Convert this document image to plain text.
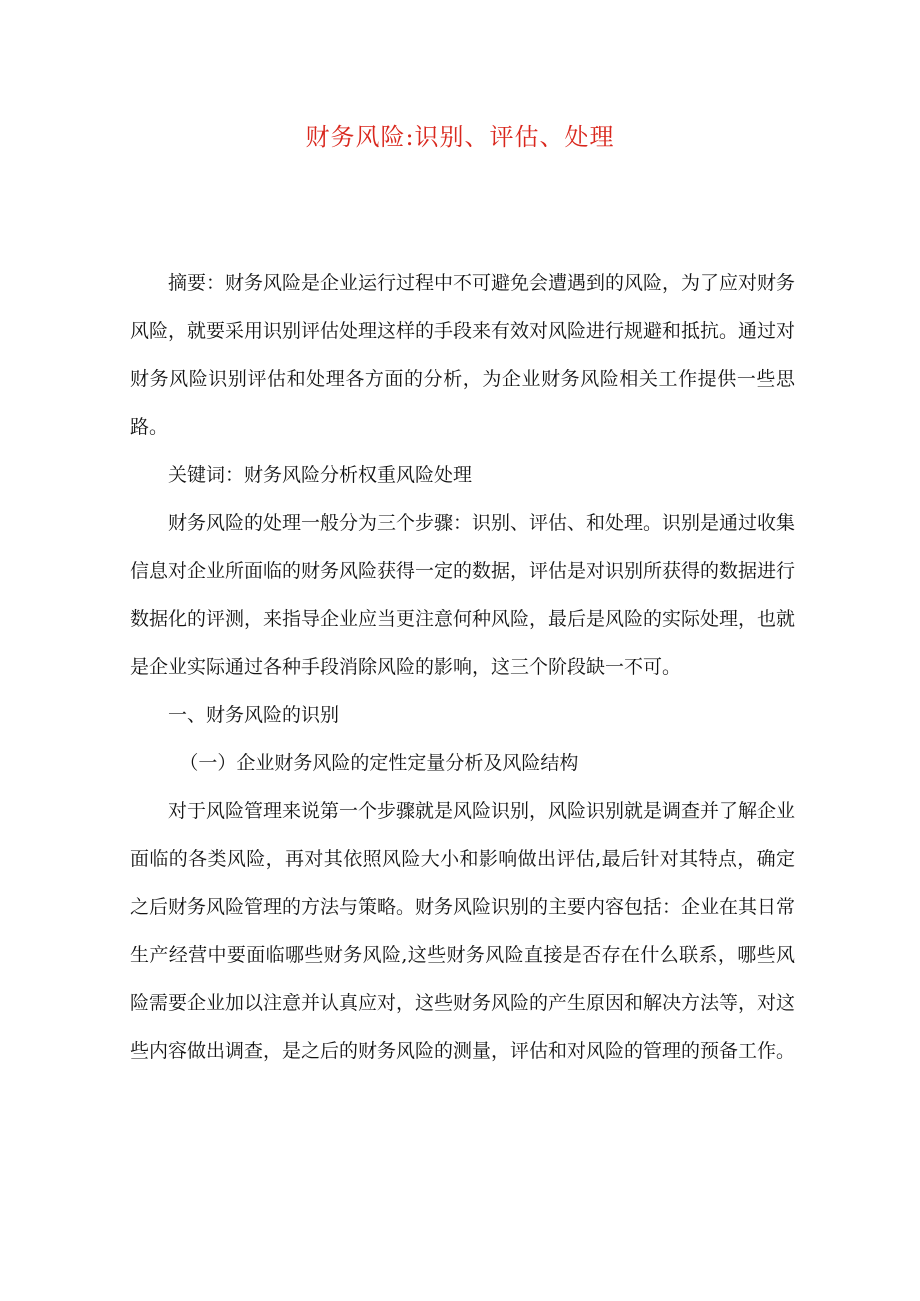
财务风险:识别、评估、处理

摘要：财务风险是企业运行过程中不可避免会遭遇到的风险，为了应对财务风险，就要采用识别评估处理这样的手段来有效对风险进行规避和抵抗。通过对财务风险识别评估和处理各方面的分析，为企业财务风险相关工作提供一些思路。

关键词：财务风险分析权重风险处理

财务风险的处理一般分为三个步骤：识别、评估、和处理。识别是通过收集信息对企业所面临的财务风险获得一定的数据，评估是对识别所获得的数据进行数据化的评测，来指导企业应当更注意何种风险，最后是风险的实际处理，也就是企业实际通过各种手段消除风险的影响，这三个阶段缺一不可。

一、财务风险的识别

（一）企业财务风险的定性定量分析及风险结构

对于风险管理来说第一个步骤就是风险识别，风险识别就是调查并了解企业面临的各类风险，再对其依照风险大小和影响做出评估,最后针对其特点，确定之后财务风险管理的方法与策略。财务风险识别的主要内容包括：企业在其日常生产经营中要面临哪些财务风险,这些财务风险直接是否存在什么联系，哪些风险需要企业加以注意并认真应对，这些财务风险的产生原因和解决方法等，对这些内容做出调查，是之后的财务风险的测量，评估和对风险的管理的预备工作。
